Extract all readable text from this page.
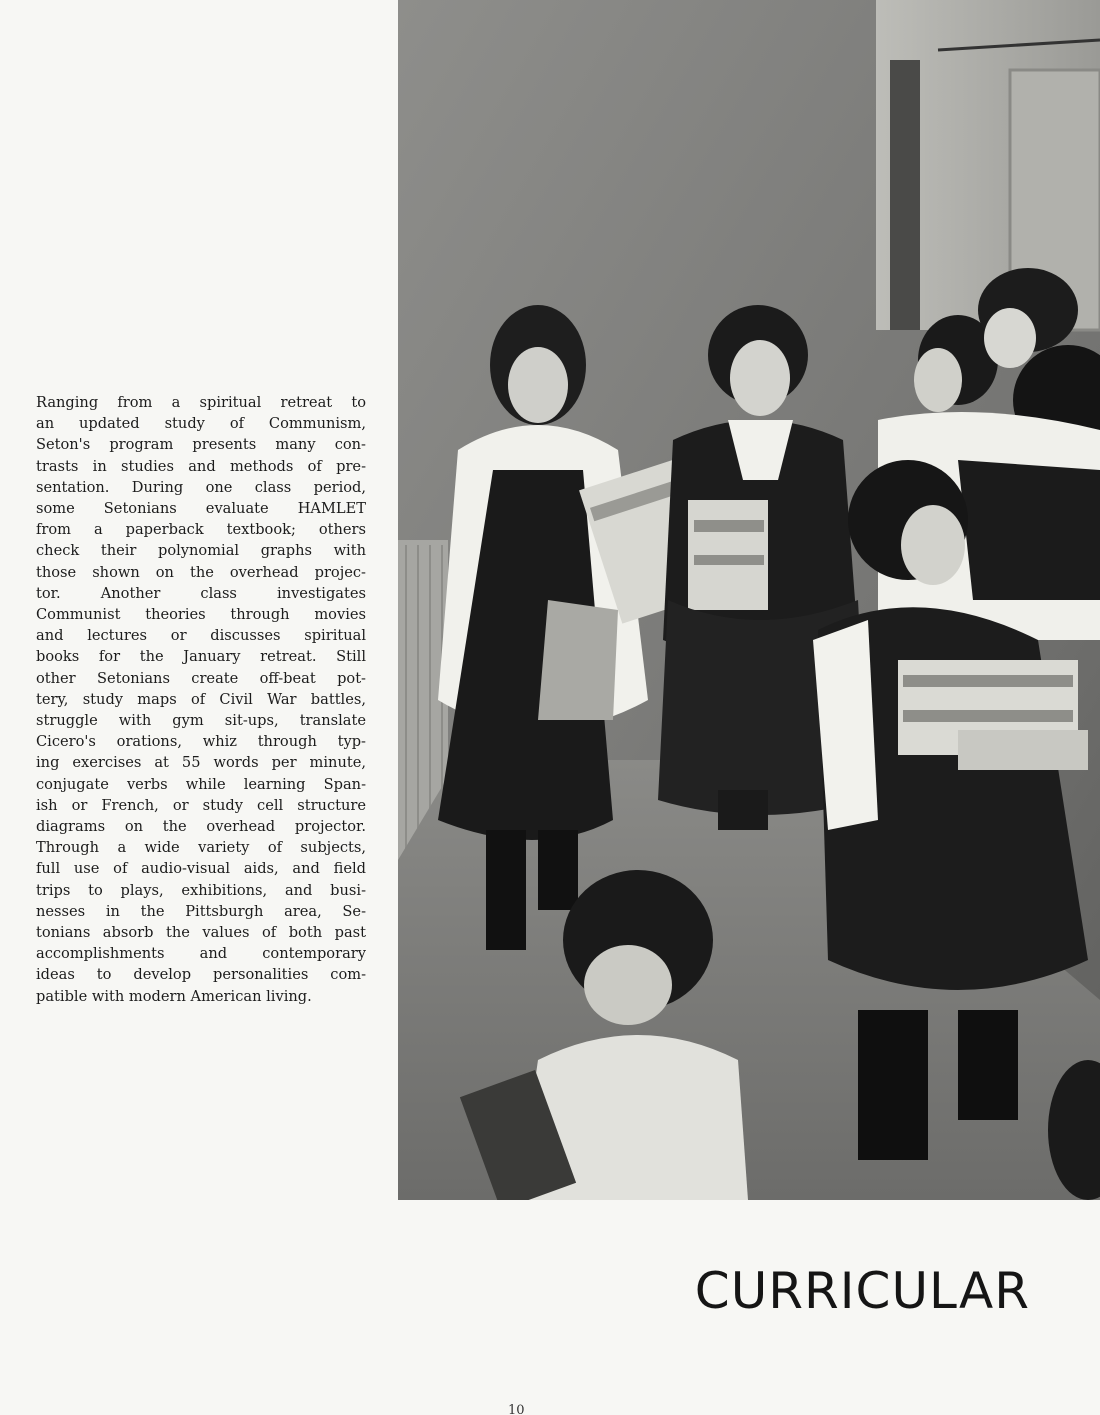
Ranging from a spiritual retreat to
an updated study of Communism,
Seton's program presents many con-
trasts in studies and methods of pre-
sentation. During one class period,
some Setonians evaluate HAMLET
from a paperback textbook; others
check their polynomial graphs with
those shown on the overhead projec-
tor. Another class investigates
Communist theories through movies
and lectures or discusses spiritual
books for the January retreat. Still
other Setonians create off-beat pot-
tery, study maps of Civil War battles,
struggle with gym sit-ups, translate
Cicero's orations, whiz through typ-
ing exercises at 55 words per minute,
conjugate verbs while learning Span-
ish or French, or study cell structure
diagrams on the overhead projector.
Through a wide variety of subjects,
full use of audio-visual aids, and field
trips to plays, exhibitions, and busi-
nesses in the Pittsburgh area, Se-
tonians absorb the values of both past
accomplishments and contemporary
ideas to develop personalities com-
patible with modern American living.
CURRICULAR
10
